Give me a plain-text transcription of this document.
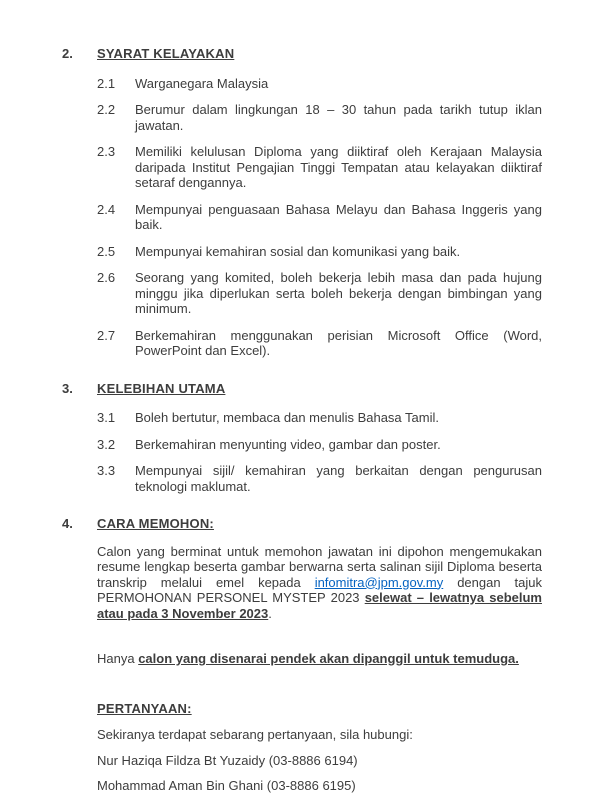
2.	SYARAT KELAYAKAN
2.1	Warganegara Malaysia
2.2	Berumur dalam lingkungan 18 – 30 tahun pada tarikh tutup iklan jawatan.
2.3	Memiliki kelulusan Diploma yang diiktiraf oleh Kerajaan Malaysia daripada Institut Pengajian Tinggi Tempatan atau kelayakan diiktiraf setaraf dengannya.
2.4	Mempunyai penguasaan Bahasa Melayu dan Bahasa Inggeris yang baik.
2.5	Mempunyai kemahiran sosial dan komunikasi yang baik.
2.6	Seorang yang komited, boleh bekerja lebih masa dan pada hujung minggu jika diperlukan serta boleh bekerja dengan bimbingan yang minimum.
2.7	Berkemahiran menggunakan perisian Microsoft Office (Word, PowerPoint dan Excel).
3.	KELEBIHAN UTAMA
3.1	Boleh bertutur, membaca dan menulis Bahasa Tamil.
3.2	Berkemahiran menyunting video, gambar dan poster.
3.3	Mempunyai sijil/ kemahiran yang berkaitan dengan pengurusan teknologi maklumat.
4.	CARA MEMOHON:

Calon yang berminat untuk memohon jawatan ini dipohon mengemukakan resume lengkap beserta gambar berwarna serta salinan sijil Diploma beserta transkrip melalui emel kepada infomitra@jpm.gov.my dengan tajuk PERMOHONAN PERSONEL MYSTEP 2023 selewat – lewatnya sebelum atau pada 3 November 2023.

Hanya calon yang disenarai pendek akan dipanggil untuk temuduga.
PERTANYAAN:
Sekiranya terdapat sebarang pertanyaan, sila hubungi:
Nur Haziqa Fildza Bt Yuzaidy (03-8886 6194)
Mohammad Aman Bin Ghani (03-8886 6195)
